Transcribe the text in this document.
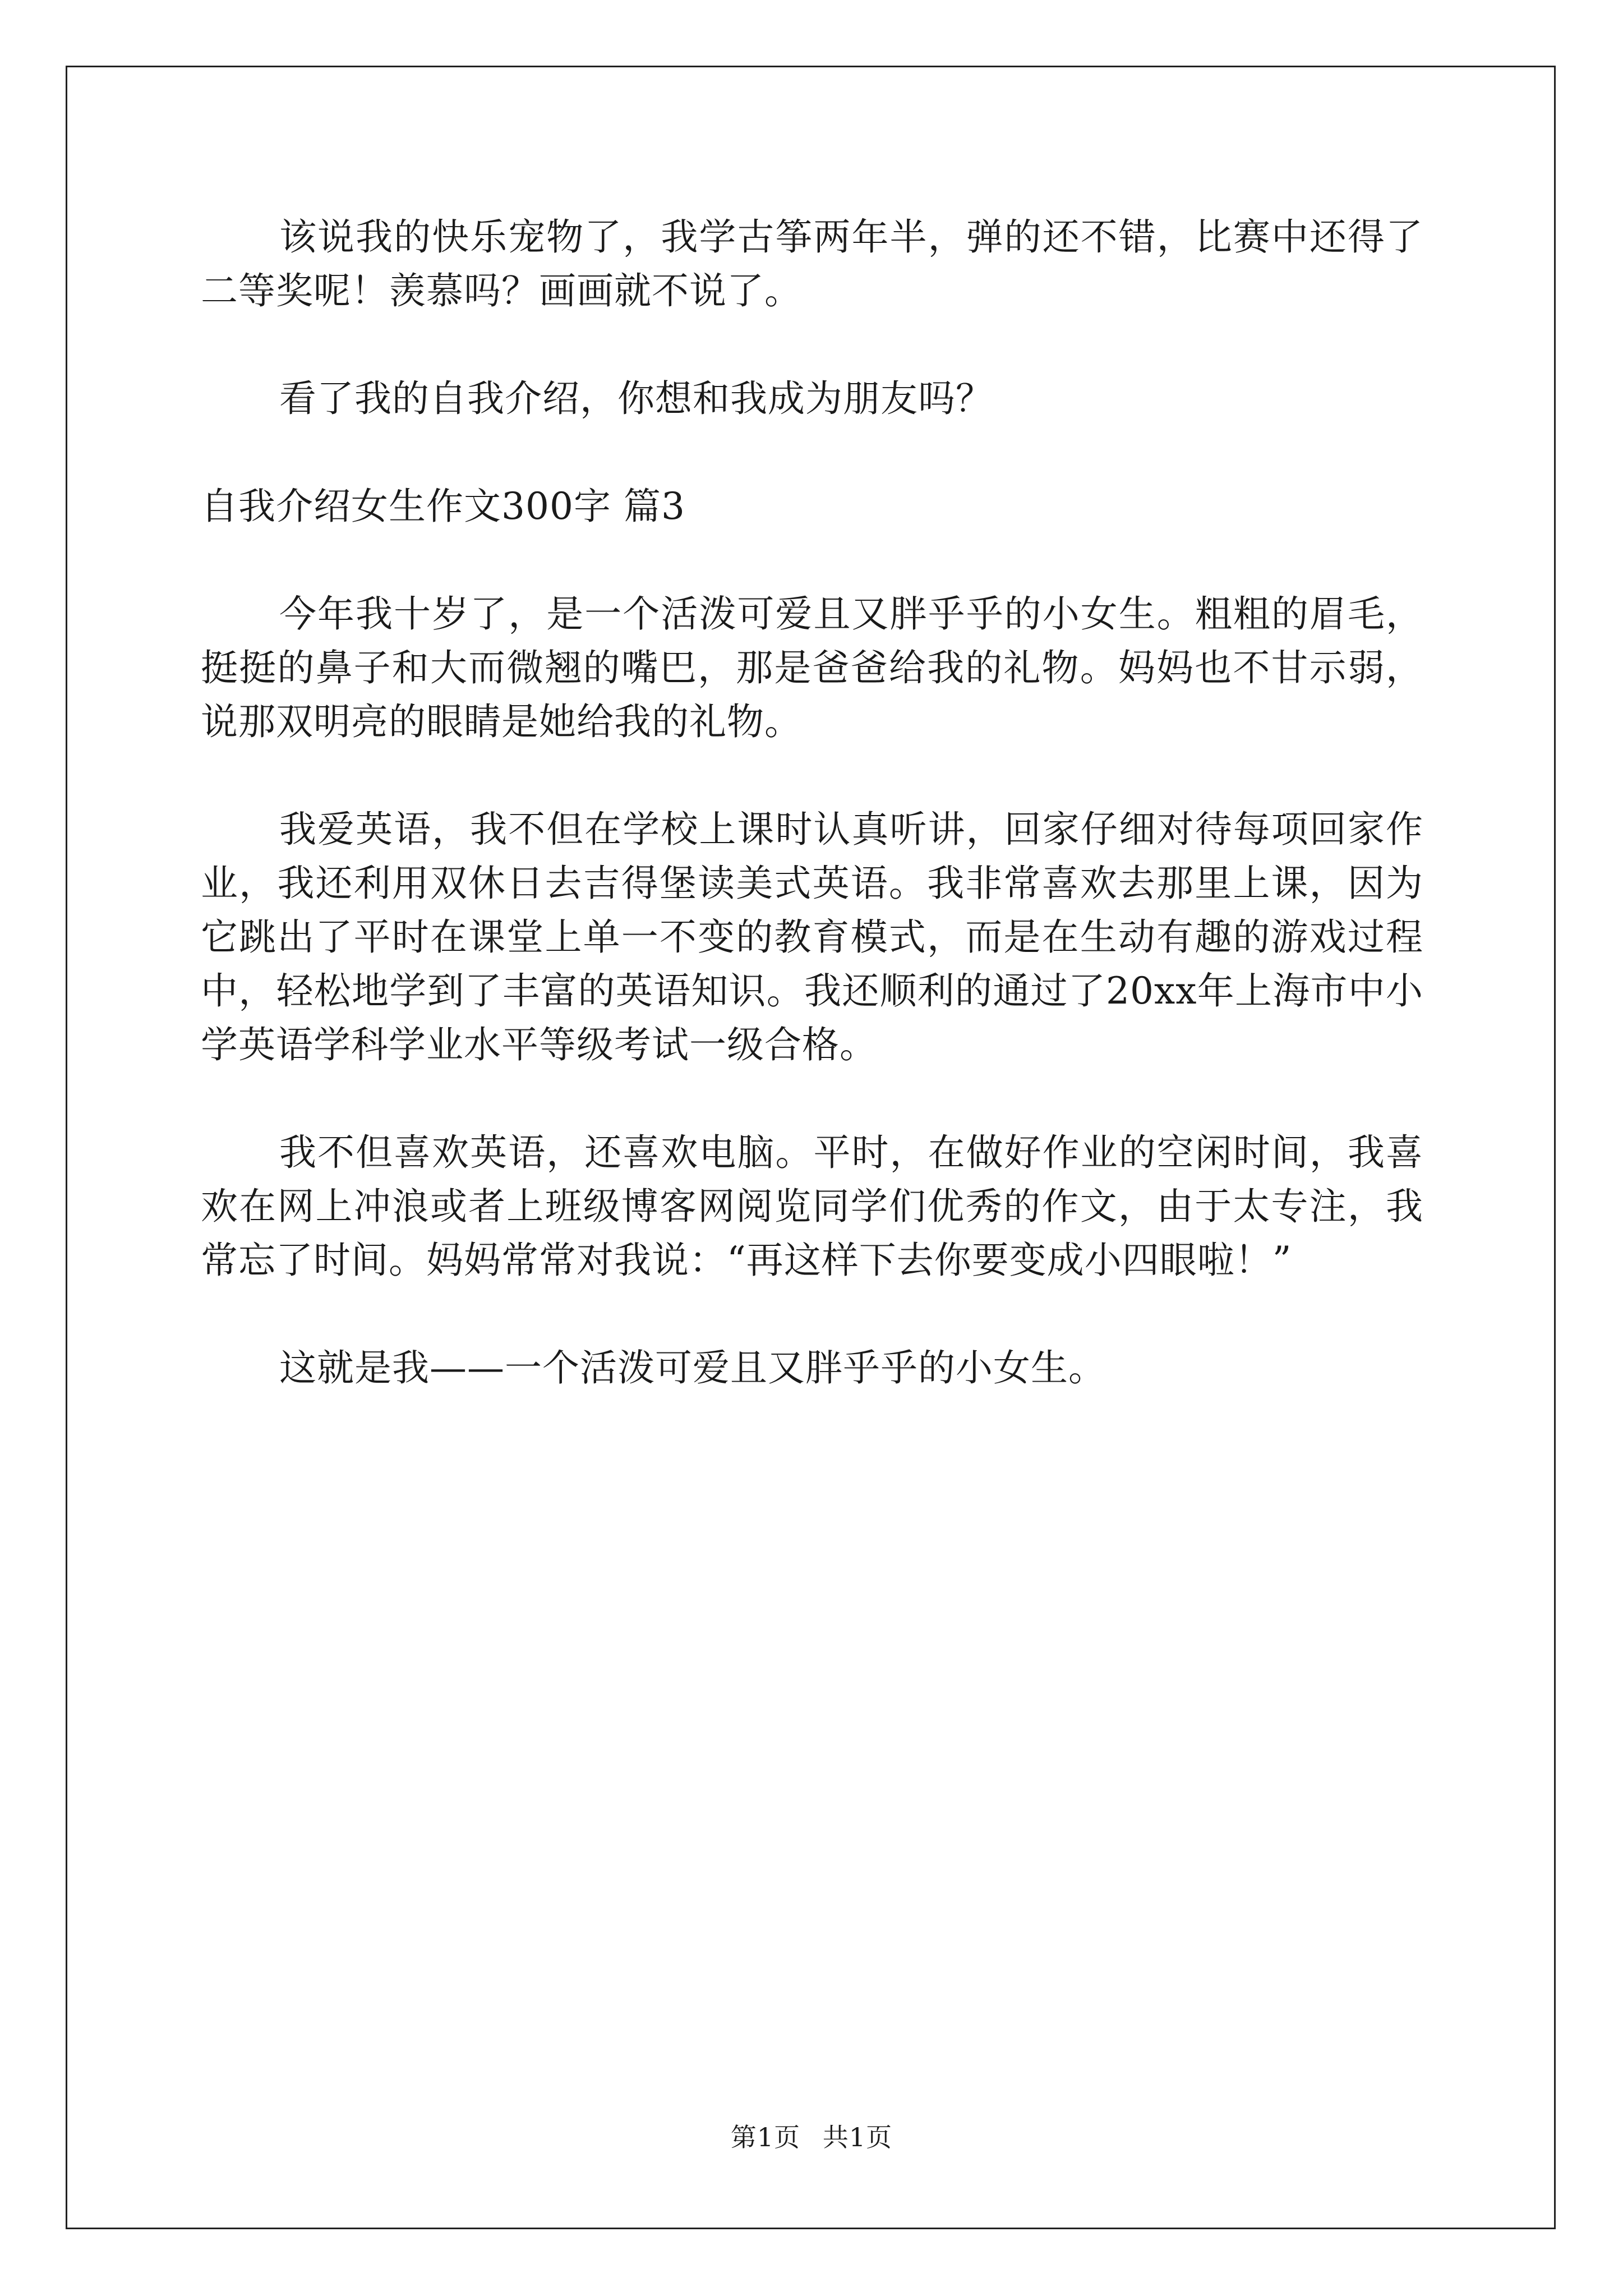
该说我的快乐宠物了，我学古筝两年半，弹的还不错，比赛中还得了二等奖呢！羡慕吗？画画就不说了。

看了我的自我介绍，你想和我成为朋友吗？

自我介绍女生作文300字 篇3

今年我十岁了，是一个活泼可爱且又胖乎乎的小女生。粗粗的眉毛，挺挺的鼻子和大而微翘的嘴巴，那是爸爸给我的礼物。妈妈也不甘示弱，说那双明亮的眼睛是她给我的礼物。

我爱英语，我不但在学校上课时认真听讲，回家仔细对待每项回家作业，我还利用双休日去吉得堡读美式英语。我非常喜欢去那里上课，因为它跳出了平时在课堂上单一不变的教育模式，而是在生动有趣的游戏过程中，轻松地学到了丰富的英语知识。我还顺利的通过了20xx年上海市中小学英语学科学业水平等级考试一级合格。

我不但喜欢英语，还喜欢电脑。平时，在做好作业的空闲时间，我喜欢在网上冲浪或者上班级博客网阅览同学们优秀的作文，由于太专注，我常忘了时间。妈妈常常对我说：“再这样下去你要变成小四眼啦！”

这就是我——一个活泼可爱且又胖乎乎的小女生。

第1页 共1页
